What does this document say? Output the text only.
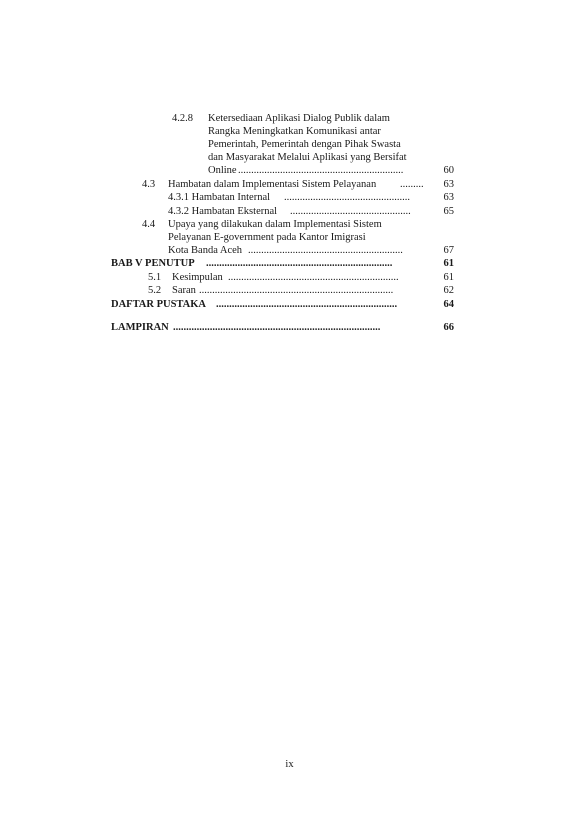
4.2.8 Ketersediaan Aplikasi Dialog Publik dalam
Rangka Meningkatkan Komunikasi antar
Pemerintah, Pemerintah dengan Pihak Swasta
dan Masyarakat Melalui Aplikasi yang Bersifat
Online ...............................................................	60
4.3 Hambatan dalam Implementasi Sistem Pelayanan .........	63
4.3.1 Hambatan Internal ................................................	63
4.3.2 Hambatan Eksternal ..............................................	65
4.4 Upaya yang dilakukan dalam Implementasi Sistem
Pelayanan E-government pada Kantor Imigrasi
Kota Banda Aceh ...........................................................	67
BAB V PENUTUP .......................................................................	61
5.1 Kesimpulan .................................................................	61
5.2 Saran ..........................................................................	62
DAFTAR PUSTAKA .....................................................................	64
LAMPIRAN ...............................................................................	66
ix
